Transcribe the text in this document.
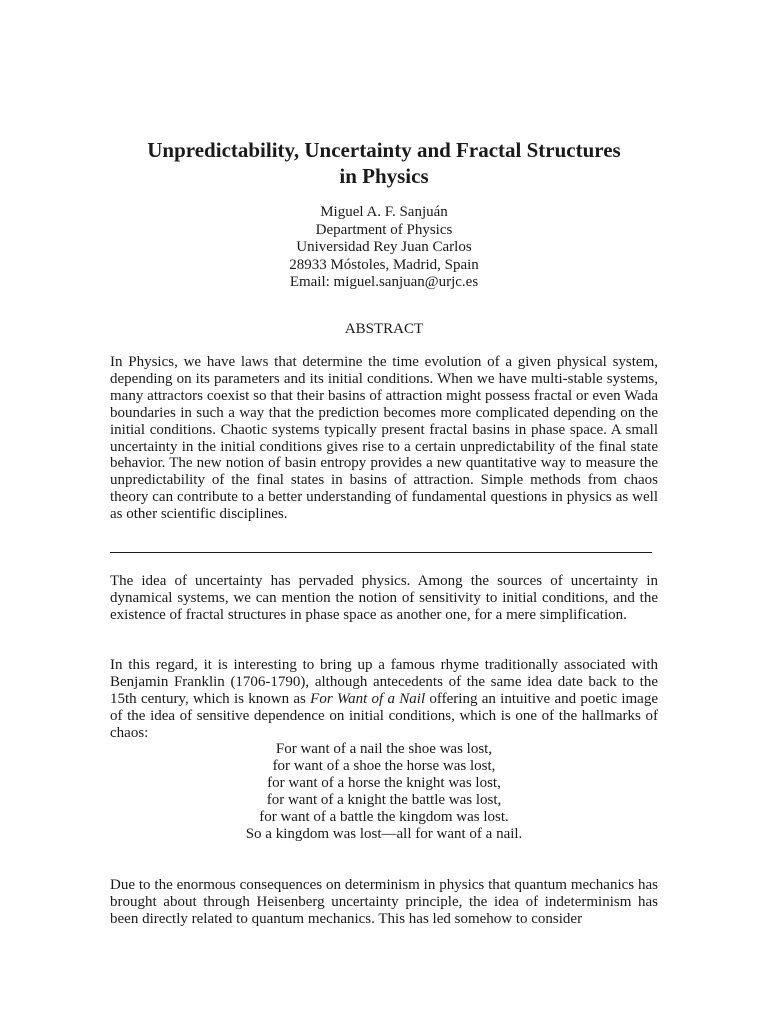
Unpredictability, Uncertainty and Fractal Structures
in Physics
Miguel A. F. Sanjuán
Department of Physics
Universidad Rey Juan Carlos
28933 Móstoles, Madrid, Spain
Email: miguel.sanjuan@urjc.es
ABSTRACT

In Physics, we have laws that determine the time evolution of a given physical system, depending on its parameters and its initial conditions. When we have multi-stable systems, many attractors coexist so that their basins of attraction might possess fractal or even Wada boundaries in such a way that the prediction becomes more complicated depending on the initial conditions. Chaotic systems typically present fractal basins in phase space. A small uncertainty in the initial conditions gives rise to a certain unpredictability of the final state behavior. The new notion of basin entropy provides a new quantitative way to measure the unpredictability of the final states in basins of attraction. Simple methods from chaos theory can contribute to a better understanding of fundamental questions in physics as well as other scientific disciplines.

The idea of uncertainty has pervaded physics. Among the sources of uncertainty in dynamical systems, we can mention the notion of sensitivity to initial conditions, and the existence of fractal structures in phase space as another one, for a mere simplification.

In this regard, it is interesting to bring up a famous rhyme traditionally associated with Benjamin Franklin (1706-1790), although antecedents of the same idea date back to the 15th century, which is known as For Want of a Nail offering an intuitive and poetic image of the idea of sensitive dependence on initial conditions, which is one of the hallmarks of chaos:

For want of a nail the shoe was lost,
for want of a shoe the horse was lost,
for want of a horse the knight was lost,
for want of a knight the battle was lost,
for want of a battle the kingdom was lost.
So a kingdom was lost—all for want of a nail.

Due to the enormous consequences on determinism in physics that quantum mechanics has brought about through Heisenberg uncertainty principle, the idea of indeterminism has been directly related to quantum mechanics. This has led somehow to consider
